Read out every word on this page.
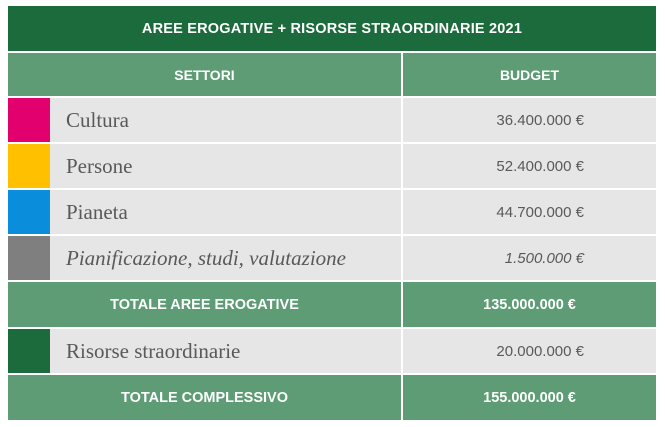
AREE EROGATIVE + RISORSE STRAORDINARIE 2021
SETTORI	BUDGET
Cultura	36.400.000 €
Persone	52.400.000 €
Pianeta	44.700.000 €
Pianificazione, studi, valutazione	1.500.000 €
TOTALE AREE EROGATIVE	135.000.000 €
Risorse straordinarie	20.000.000 €
TOTALE COMPLESSIVO	155.000.000 €
